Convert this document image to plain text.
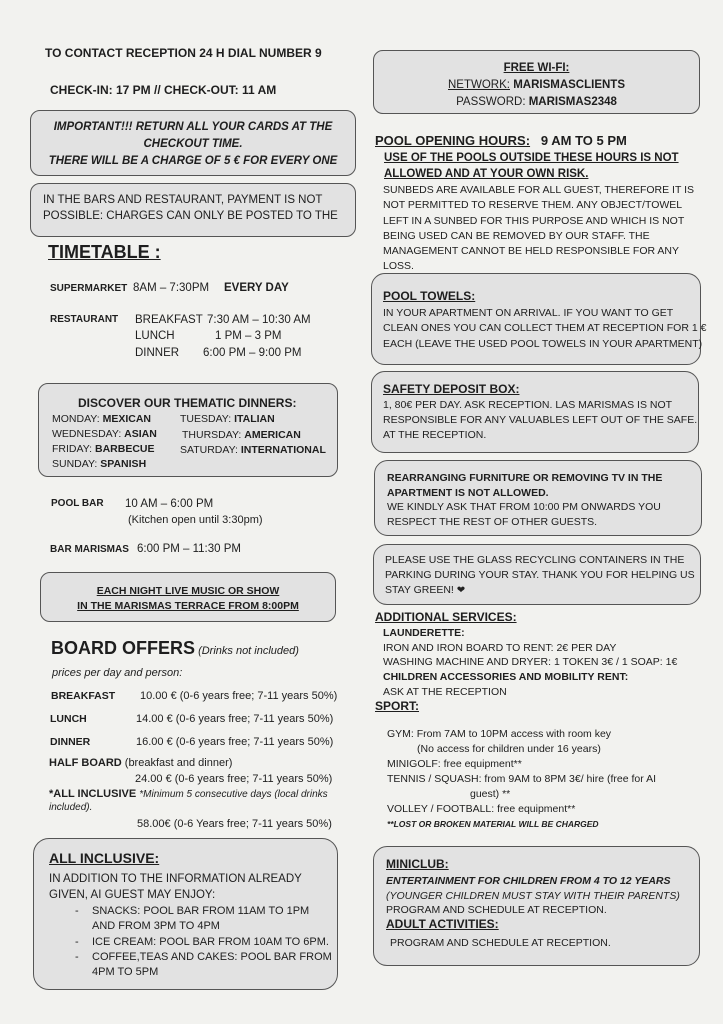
TO CONTACT RECEPTION 24 H DIAL NUMBER 9
CHECK-IN: 17 PM // CHECK-OUT: 11 AM
IMPORTANT!!! RETURN ALL YOUR CARDS AT THE
CHECKOUT TIME.
THERE WILL BE A CHARGE OF 5 € FOR EVERY ONE
IN THE BARS AND RESTAURANT, PAYMENT IS NOT
POSSIBLE: CHARGES CAN ONLY BE POSTED TO THE
TIMETABLE :
SUPERMARKET 8AM – 7:30PM EVERY DAY
RESTAURANT BREAKFAST 7:30 AM – 10:30 AM
LUNCH	1 PM – 3 PM
DINNER 6:00 PM – 9:00 PM
DISCOVER OUR THEMATIC DINNERS:
MONDAY: MEXICAN	TUESDAY: ITALIAN
WEDNESDAY: ASIAN THURSDAY: AMERICAN
FRIDAY: BARBECUE SATURDAY: INTERNATIONAL
SUNDAY: SPANISH
POOL BAR 10 AM – 6:00 PM
(Kitchen open until 3:30pm)
BAR MARISMAS 6:00 PM – 11:30 PM
EACH NIGHT LIVE MUSIC OR SHOW
IN THE MARISMAS TERRACE FROM 8:00PM
BOARD OFFERS (Drinks not included)
prices per day and person:
BREAKFAST 10.00 € (0-6 years free; 7-11 years 50%)
LUNCH	14.00 € (0-6 years free; 7-11 years 50%)
DINNER	16.00 € (0-6 years free; 7-11 years 50%)
HALF BOARD (breakfast and dinner)
24.00 € (0-6 years free; 7-11 years 50%)
*ALL INCLUSIVE *Minimum 5 consecutive days (local drinks
included).
58.00€ (0-6 Years free; 7-11 years 50%)
ALL INCLUSIVE:
IN ADDITION TO THE INFORMATION ALREADY
GIVEN, AI GUEST MAY ENJOY:
- SNACKS: POOL BAR FROM 11AM TO 1PM
AND FROM 3PM TO 4PM
- ICE CREAM: POOL BAR FROM 10AM TO 6PM.
- COFFEE,TEAS AND CAKES: POOL BAR FROM
4PM TO 5PM
FREE WI-FI:
NETWORK: MARISMASCLIENTS
PASSWORD: MARISMAS2348
POOL OPENING HOURS: 9 AM TO 5 PM
USE OF THE POOLS OUTSIDE THESE HOURS IS NOT
ALLOWED AND AT YOUR OWN RISK.
SUNBEDS ARE AVAILABLE FOR ALL GUEST, THEREFORE IT IS
NOT PERMITTED TO RESERVE THEM. ANY OBJECT/TOWEL
LEFT IN A SUNBED FOR THIS PURPOSE AND WHICH IS NOT
BEING USED CAN BE REMOVED BY OUR STAFF. THE
MANAGEMENT CANNOT BE HELD RESPONSIBLE FOR ANY
LOSS.
POOL TOWELS:
IN YOUR APARTMENT ON ARRIVAL. IF YOU WANT TO GET
CLEAN ONES YOU CAN COLLECT THEM AT RECEPTION FOR 1 €
EACH (LEAVE THE USED POOL TOWELS IN YOUR APARTMENT)
SAFETY DEPOSIT BOX:
1, 80€ PER DAY. ASK RECEPTION. LAS MARISMAS IS NOT
RESPONSIBLE FOR ANY VALUABLES LEFT OUT OF THE SAFE.
AT THE RECEPTION.
REARRANGING FURNITURE OR REMOVING TV IN THE
APARTMENT IS NOT ALLOWED.
WE KINDLY ASK THAT FROM 10:00 PM ONWARDS YOU
RESPECT THE REST OF OTHER GUESTS.
PLEASE USE THE GLASS RECYCLING CONTAINERS IN THE
PARKING DURING YOUR STAY. THANK YOU FOR HELPING US
STAY GREEN! ❤
ADDITIONAL SERVICES:
LAUNDERETTE:
IRON AND IRON BOARD TO RENT: 2€ PER DAY
WASHING MACHINE AND DRYER: 1 TOKEN 3€ / 1 SOAP: 1€
CHILDREN ACCESSORIES AND MOBILITY RENT:
ASK AT THE RECEPTION
SPORT:
GYM: From 7AM to 10PM access with room key
(No access for children under 16 years)
MINIGOLF: free equipment**
TENNIS / SQUASH: from 9AM to 8PM 3€/ hire (free for AI
guest) **
VOLLEY / FOOTBALL: free equipment**
**LOST OR BROKEN MATERIAL WILL BE CHARGED
MINICLUB:
ENTERTAINMENT FOR CHILDREN FROM 4 TO 12 YEARS
(YOUNGER CHILDREN MUST STAY WITH THEIR PARENTS)
PROGRAM AND SCHEDULE AT RECEPTION.
ADULT ACTIVITIES:
PROGRAM AND SCHEDULE AT RECEPTION.
